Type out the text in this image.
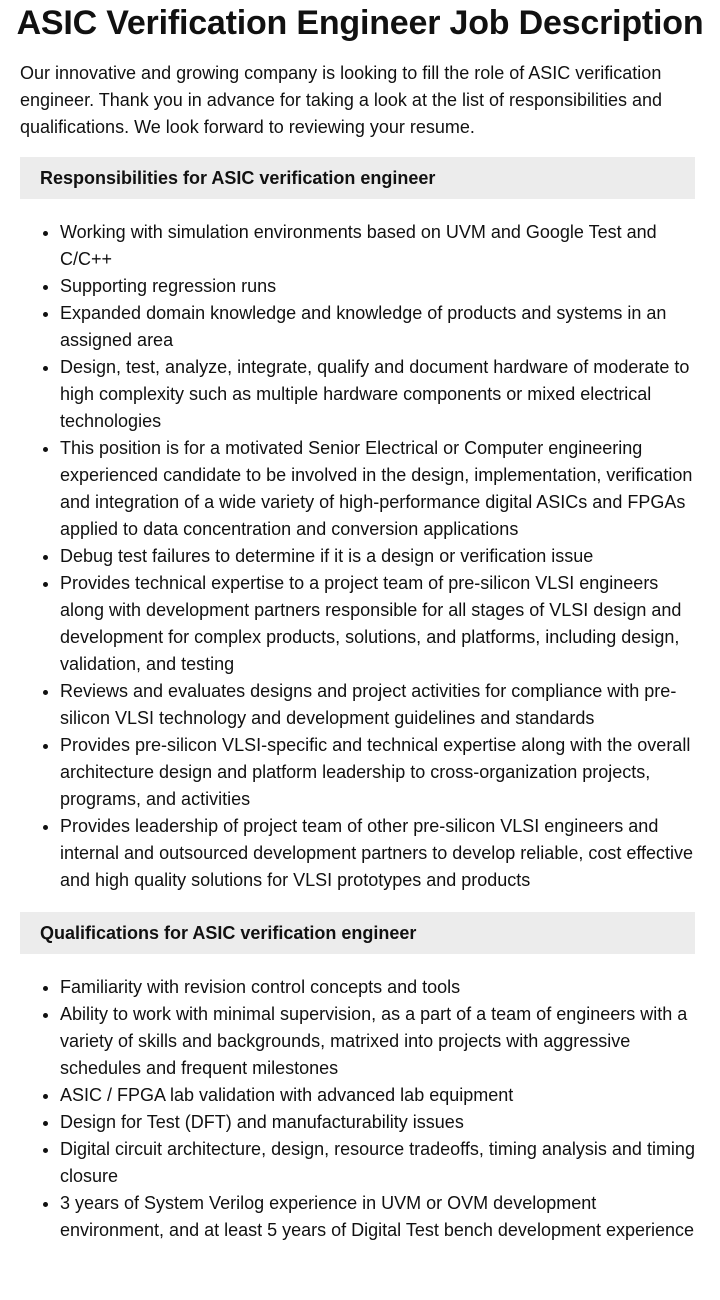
ASIC Verification Engineer Job Description

Our innovative and growing company is looking to fill the role of ASIC verification engineer. Thank you in advance for taking a look at the list of responsibilities and qualifications. We look forward to reviewing your resume.

Responsibilities for ASIC verification engineer
• Working with simulation environments based on UVM and Google Test and C/C++
• Supporting regression runs
• Expanded domain knowledge and knowledge of products and systems in an assigned area
• Design, test, analyze, integrate, qualify and document hardware of moderate to high complexity such as multiple hardware components or mixed electrical technologies
• This position is for a motivated Senior Electrical or Computer engineering experienced candidate to be involved in the design, implementation, verification and integration of a wide variety of high-performance digital ASICs and FPGAs applied to data concentration and conversion applications
• Debug test failures to determine if it is a design or verification issue
• Provides technical expertise to a project team of pre-silicon VLSI engineers along with development partners responsible for all stages of VLSI design and development for complex products, solutions, and platforms, including design, validation, and testing
• Reviews and evaluates designs and project activities for compliance with pre-silicon VLSI technology and development guidelines and standards
• Provides pre-silicon VLSI-specific and technical expertise along with the overall architecture design and platform leadership to cross-organization projects, programs, and activities
• Provides leadership of project team of other pre-silicon VLSI engineers and internal and outsourced development partners to develop reliable, cost effective and high quality solutions for VLSI prototypes and products
Qualifications for ASIC verification engineer
• Familiarity with revision control concepts and tools
• Ability to work with minimal supervision, as a part of a team of engineers with a variety of skills and backgrounds, matrixed into projects with aggressive schedules and frequent milestones
• ASIC / FPGA lab validation with advanced lab equipment
• Design for Test (DFT) and manufacturability issues
• Digital circuit architecture, design, resource tradeoffs, timing analysis and timing closure
• 3 years of System Verilog experience in UVM or OVM development environment, and at least 5 years of Digital Test bench development experience
